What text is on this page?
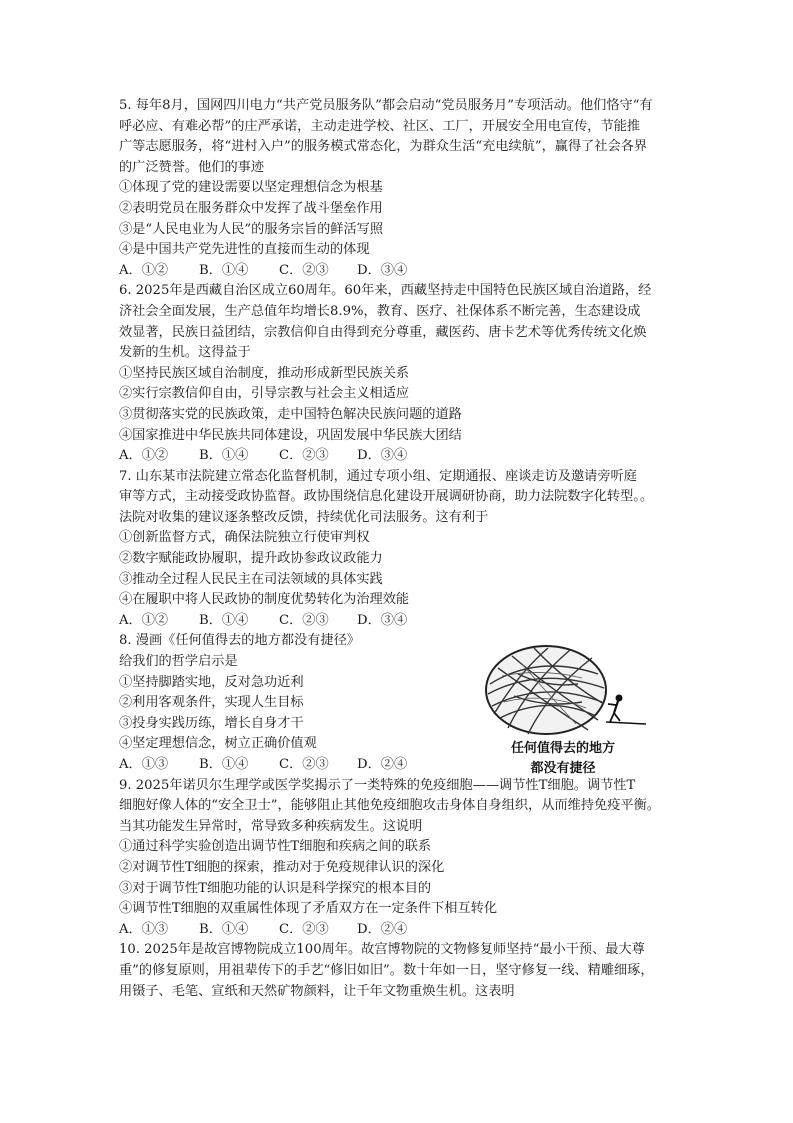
5. 每年8月，国网四川电力“共产党员服务队”都会启动“党员服务月”专项活动。他们恪守“有
呼必应、有难必帮”的庄严承诺，主动走进学校、社区、工厂，开展安全用电宣传，节能推
广等志愿服务，将“进村入户”的服务模式常态化，为群众生活“充电续航”，赢得了社会各界
的广泛赞誉。他们的事迹
①体现了党的建设需要以坚定理想信念为根基
②表明党员在服务群众中发挥了战斗堡垒作用
③是“人民电业为人民”的服务宗旨的鲜活写照
④是中国共产党先进性的直接而生动的体现
A．①②	B．①④	C．②③	D．③④
6. 2025年是西藏自治区成立60周年。60年来，西藏坚持走中国特色民族区域自治道路，经
济社会全面发展，生产总值年均增长8.9%，教育、医疗、社保体系不断完善，生态建设成
效显著，民族日益团结，宗教信仰自由得到充分尊重，藏医药、唐卡艺术等优秀传统文化焕
发新的生机。这得益于
①坚持民族区域自治制度，推动形成新型民族关系
②实行宗教信仰自由，引导宗教与社会主义相适应
③贯彻落实党的民族政策，走中国特色解决民族问题的道路
④国家推进中华民族共同体建设，巩固发展中华民族大团结
A．①②	B．①④	C．②③	D．③④
7. 山东某市法院建立常态化监督机制，通过专项小组、定期通报、座谈走访及邀请旁听庭
审等方式，主动接受政协监督。政协围绕信息化建设开展调研协商，助力法院数字化转型。。
法院对收集的建议逐条整改反馈，持续优化司法服务。这有利于
①创新监督方式，确保法院独立行使审判权
②数字赋能政协履职，提升政协参政议政能力
③推动全过程人民民主在司法领域的具体实践
④在履职中将人民政协的制度优势转化为治理效能
A．①②	B．①④	C．②③	D．③④
8. 漫画《任何值得去的地方都没有捷径》
给我们的哲学启示是
①坚持脚踏实地，反对急功近利
②利用客观条件，实现人生目标
③投身实践历练，增长自身才干
④坚定理想信念，树立正确价值观
A．①③	B．①④	C．②③	D．②④
9. 2025年诺贝尔生理学或医学奖揭示了一类特殊的免疫细胞——调节性T细胞。调节性T
细胞好像人体的“安全卫士”，能够阻止其他免疫细胞攻击身体自身组织，从而维持免疫平衡。
当其功能发生异常时，常导致多种疾病发生。这说明
①通过科学实验创造出调节性T细胞和疾病之间的联系
②对调节性T细胞的探索，推动对于免疫规律认识的深化
③对于调节性T细胞功能的认识是科学探究的根本目的
④调节性T细胞的双重属性体现了矛盾双方在一定条件下相互转化
A．①③	B．①④	C．②③	D．②④
10. 2025年是故宫博物院成立100周年。故宫博物院的文物修复师坚持“最小干预、最大尊
重”的修复原则，用祖辈传下的手艺“修旧如旧”。数十年如一日，坚守修复一线、精雕细琢，
用镊子、毛笔、宣纸和天然矿物颜料，让千年文物重焕生机。这表明
任何值得去的地方
都没有捷径
